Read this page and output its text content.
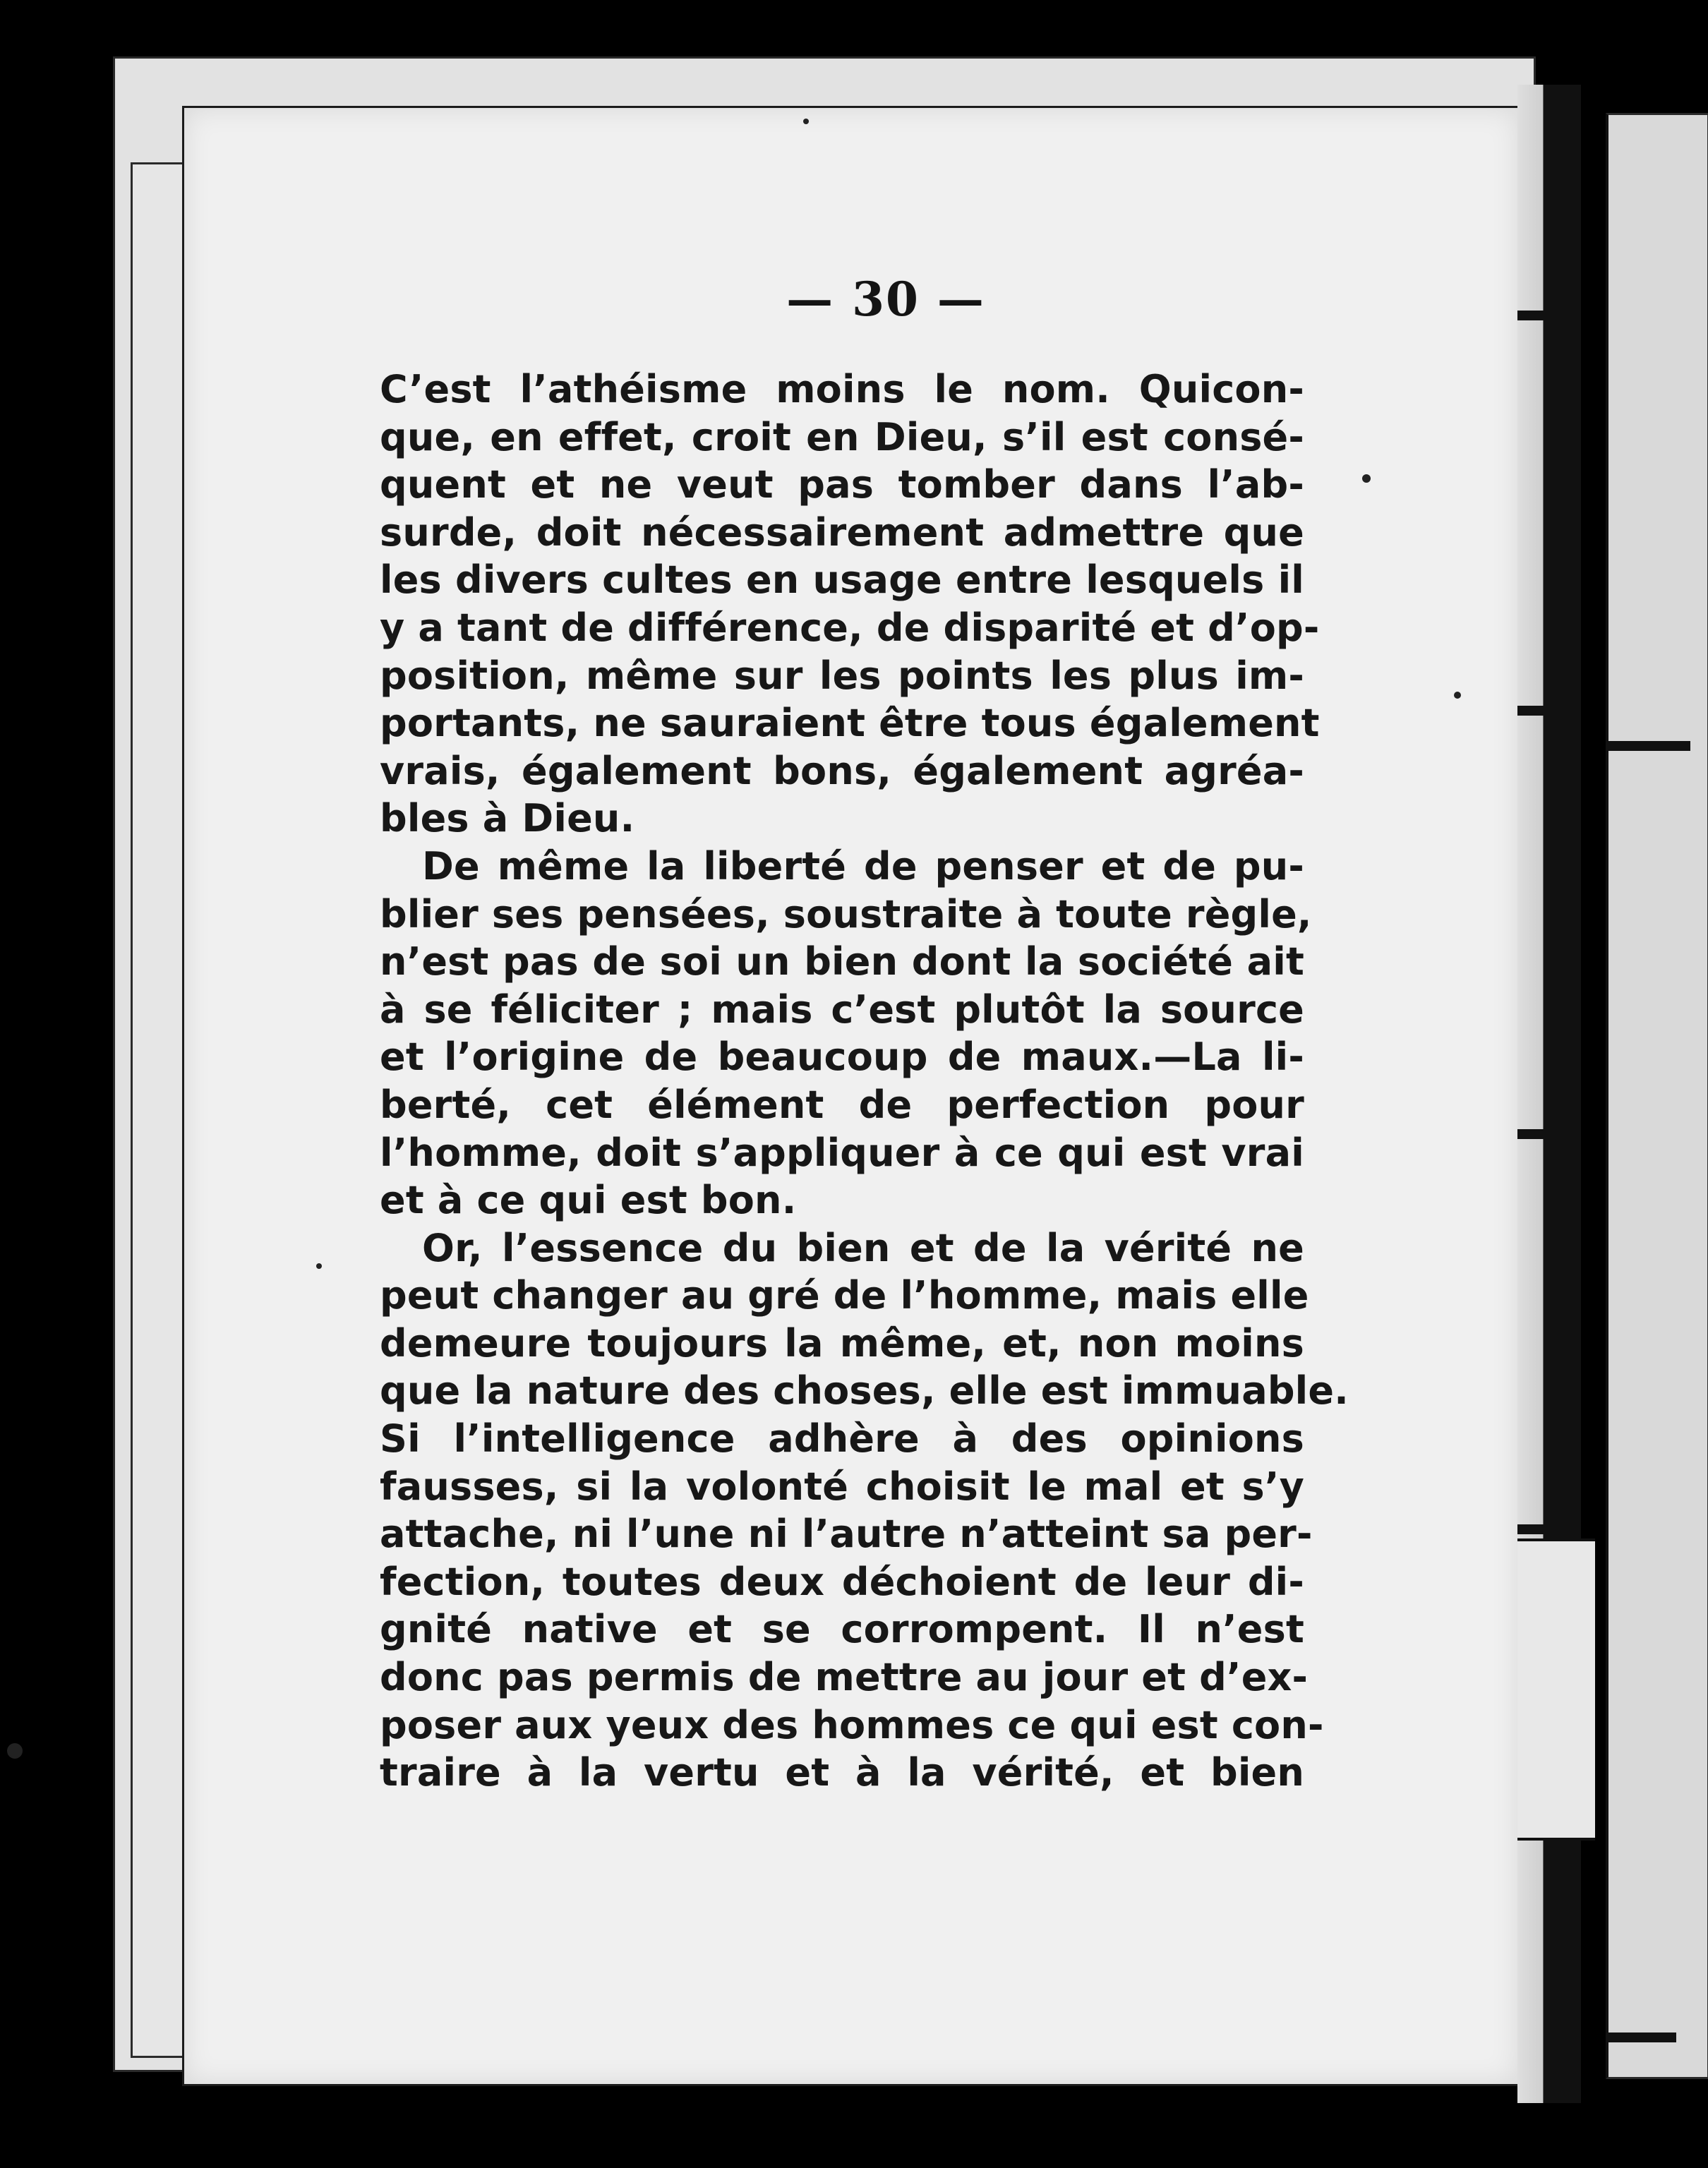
— 30 —
C’est l’athéisme moins le nom. Quicon-
que, en effet, croit en Dieu, s’il est consé-
quent et ne veut pas tomber dans l’ab-
surde, doit nécessairement admettre que
les divers cultes en usage entre lesquels il
y a tant de différence, de disparité et d’op-
position, même sur les points les plus im-
portants, ne sauraient être tous également
vrais, également bons, également agréa-
bles à Dieu.
De même la liberté de penser et de pu-
blier ses pensées, soustraite à toute règle,
n’est pas de soi un bien dont la société ait
à se féliciter ; mais c’est plutôt la source
et l’origine de beaucoup de maux.—La li-
berté, cet élément de perfection pour
l’homme, doit s’appliquer à ce qui est vrai
et à ce qui est bon.
Or, l’essence du bien et de la vérité ne
peut changer au gré de l’homme, mais elle
demeure toujours la même, et, non moins
que la nature des choses, elle est immuable.
Si l’intelligence adhère à des opinions
fausses, si la volonté choisit le mal et s’y
attache, ni l’une ni l’autre n’atteint sa per-
fection, toutes deux déchoient de leur di-
gnité native et se corrompent. Il n’est
donc pas permis de mettre au jour et d’ex-
poser aux yeux des hommes ce qui est con-
traire à la vertu et à la vérité, et bien
